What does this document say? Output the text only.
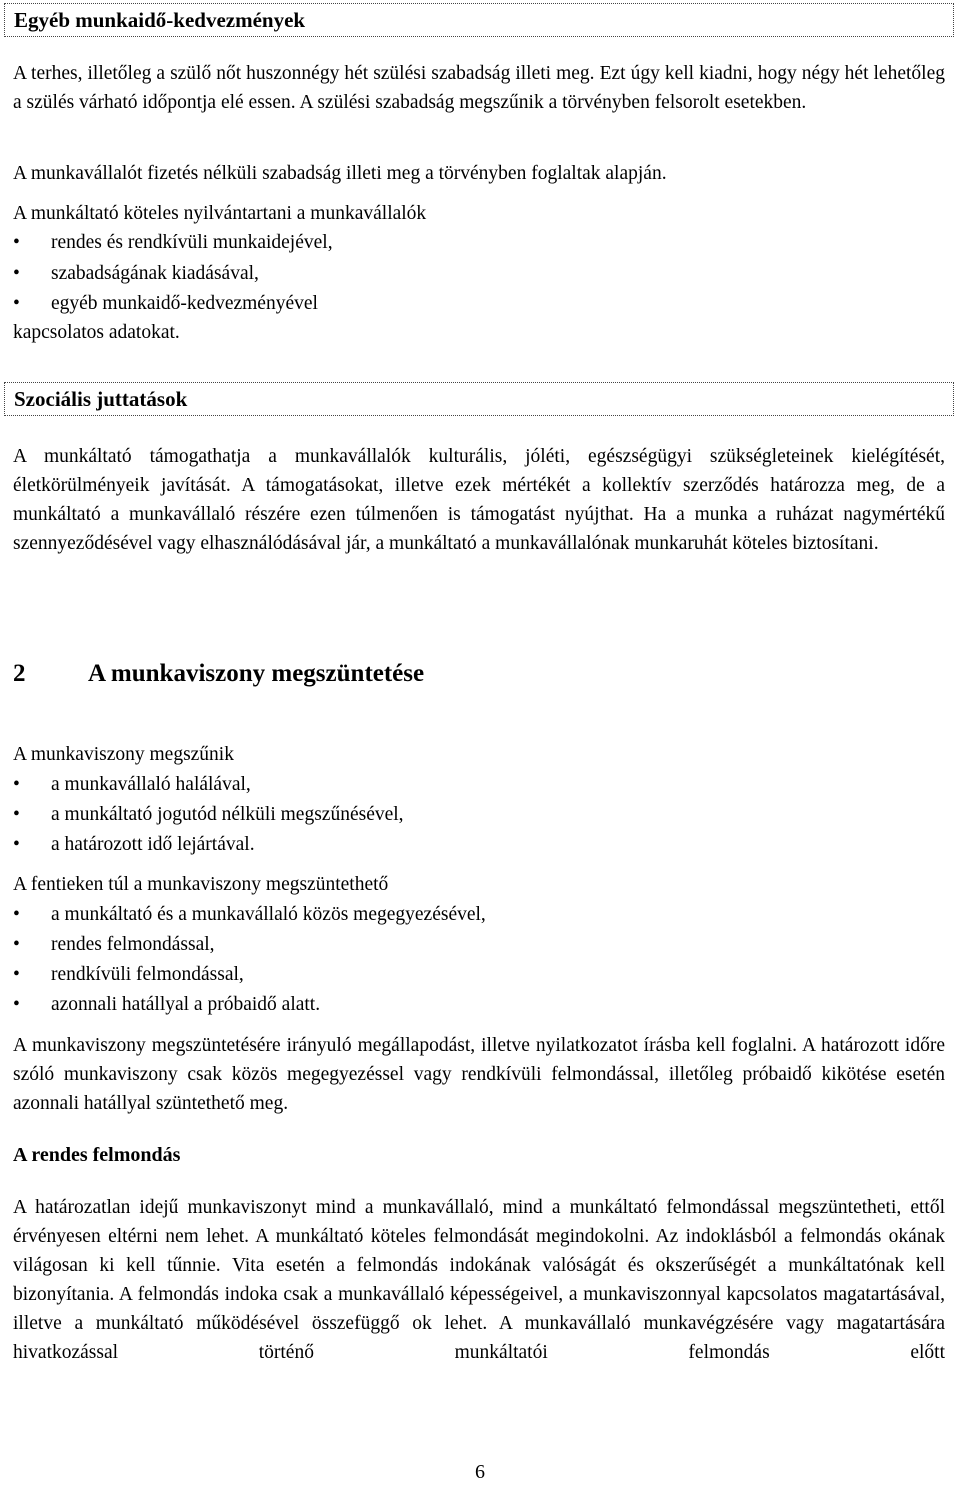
Egyéb munkaidő-kedvezmények

A terhes, illetőleg a szülő nőt huszonnégy hét szülési szabadság illeti meg. Ezt úgy kell kiadni, hogy négy hét lehetőleg a szülés várható időpontja elé essen. A szülési szabadság megszűnik a törvényben felsorolt esetekben.

A munkavállalót fizetés nélküli szabadság illeti meg a törvényben foglaltak alapján.
A munkáltató köteles nyilvántartani a munkavállalók
• rendes és rendkívüli munkaidejével,
• szabadságának kiadásával,
• egyéb munkaidő-kedvezményével
kapcsolatos adatokat.
Szociális juttatások

A munkáltató támogathatja a munkavállalók kulturális, jóléti, egészségügyi szükségleteinek kielégítését, életkörülményeik javítását. A támogatásokat, illetve ezek mértékét a kollektív szerződés határozza meg, de a munkáltató a munkavállaló részére ezen túlmenően is támogatást nyújthat. Ha a munka a ruházat nagymértékű szennyeződésével vagy elhasználódásával jár, a munkáltató a munkavállalónak munkaruhát köteles biztosítani.

2	A munkaviszony megszüntetése
A munkaviszony megszűnik
• a munkavállaló halálával,
• a munkáltató jogutód nélküli megszűnésével,
• a határozott idő lejártával.
A fentieken túl a munkaviszony megszüntethető
• a munkáltató és a munkavállaló közös megegyezésével,
• rendes felmondással,
• rendkívüli felmondással,
• azonnali hatállyal a próbaidő alatt.

A munkaviszony megszüntetésére irányuló megállapodást, illetve nyilatkozatot írásba kell foglalni. A határozott időre szóló munkaviszony csak közös megegyezéssel vagy rendkívüli felmondással, illetőleg próbaidő kikötése esetén azonnali hatállyal szüntethető meg.

A rendes felmondás

A határozatlan idejű munkaviszonyt mind a munkavállaló, mind a munkáltató felmondással megszüntetheti, ettől érvényesen eltérni nem lehet. A munkáltató köteles felmondását megindokolni. Az indoklásból a felmondás okának világosan ki kell tűnnie. Vita esetén a felmondás indokának valóságát és okszerűségét a munkáltatónak kell bizonyítania. A felmondás indoka csak a munkavállaló képességeivel, a munkaviszonnyal kapcsolatos magatartásával, illetve a munkáltató működésével összefüggő ok lehet. A munkavállaló munkavégzésére vagy magatartására hivatkozással történő munkáltatói felmondás előtt

6
